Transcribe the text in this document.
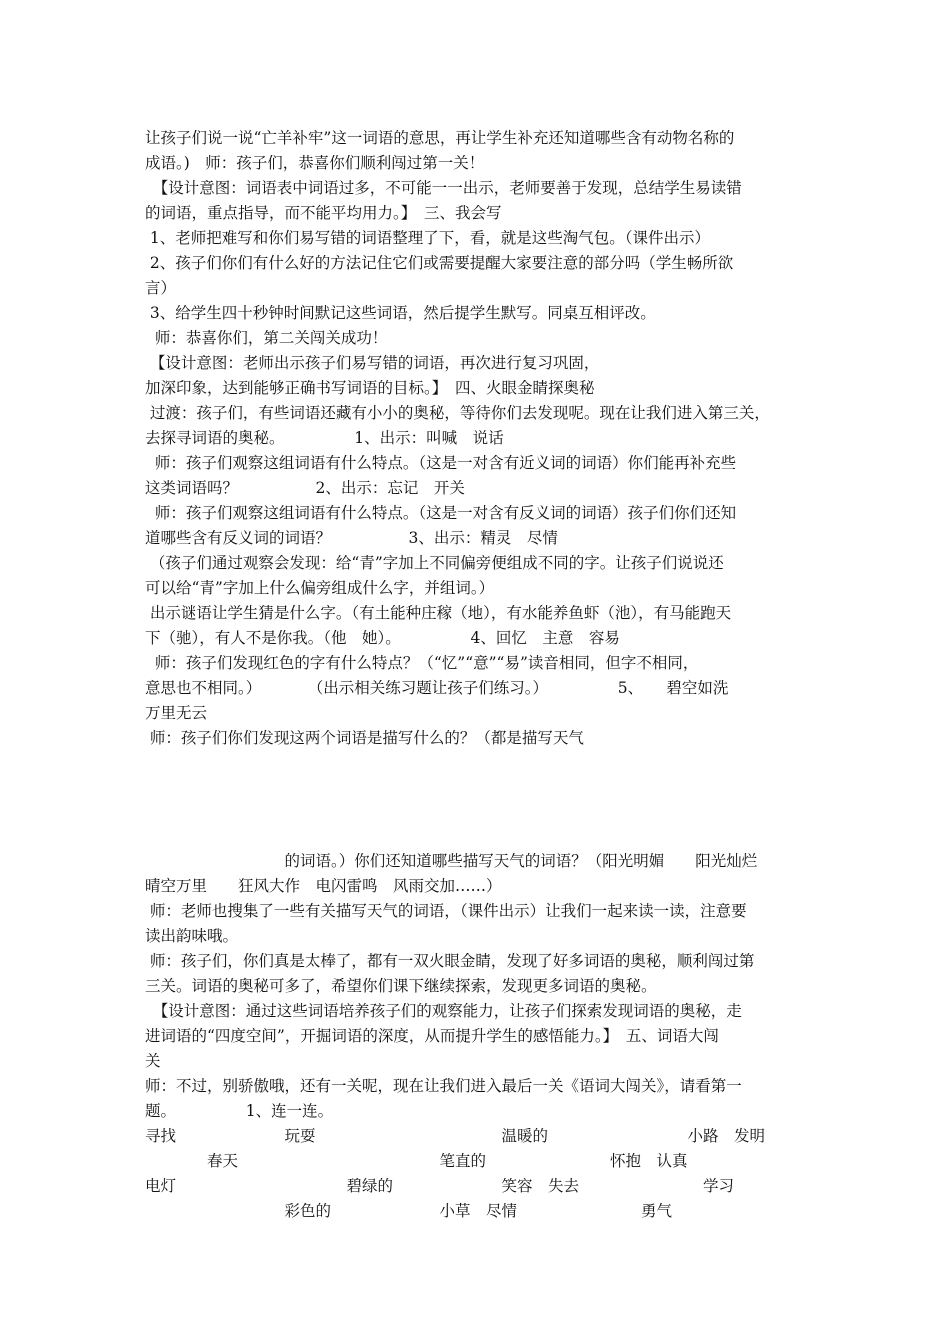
让孩子们说一说“亡羊补牢”这一词语的意思，再让学生补充还知道哪些含有动物名称的
成语。)　师：孩子们，恭喜你们顺利闯过第一关！
　【设计意图：词语表中词语过多，不可能一一出示，老师要善于发现，总结学生易读错
的词语，重点指导，而不能平均用力。】　三、我会写
1、老师把难写和你们易写错的词语整理了下，看，就是这些淘气包。（课件出示）
2、孩子们你们有什么好的方法记住它们或需要提醒大家要注意的部分吗（学生畅所欲
言）
3、给学生四十秒钟时间默记这些词语，然后提学生默写。同桌互相评改。
师：恭喜你们，第二关闯关成功！
【设计意图：老师出示孩子们易写错的词语，再次进行复习巩固，
加深印象，达到能够正确书写词语的目标。】　四、火眼金睛探奥秘
过渡：孩子们，有些词语还藏有小小的奥秘，等待你们去发现呢。现在让我们进入第三关，
去探寻词语的奥秘。　　　　　1、出示：叫喊　说话
师：孩子们观察这组词语有什么特点。（这是一对含有近义词的词语）你们能再补充些
这类词语吗？　　　　　2、出示：忘记　开关
师：孩子们观察这组词语有什么特点。（这是一对含有反义词的词语）孩子们你们还知
道哪些含有反义词的词语？　　　　　3、出示：精灵　尽情
（孩子们通过观察会发现：给“青”字加上不同偏旁便组成不同的字。让孩子们说说还
可以给“青”字加上什么偏旁组成什么字，并组词。）
出示谜语让学生猜是什么字。（有土能种庄稼（地），有水能养鱼虾（池），有马能跑天
下（驰），有人不是你我。（他　她）。　　　　　4、回忆　主意　容易
师：孩子们发现红色的字有什么特点？（“忆”“意”“易”读音相同，但字不相同，
意思也不相同。）　　　　（出示相关练习题让孩子们练习。）　　　　　5、　　碧空如洗
万里无云
师：孩子们你们发现这两个词语是描写什么的？（都是描写天气
　　　　　　　　　的词语。）你们还知道哪些描写天气的词语？（阳光明媚　　阳光灿烂
晴空万里　　狂风大作　电闪雷鸣　风雨交加……）
师：老师也搜集了一些有关描写天气的词语，（课件出示）让我们一起来读一读，注意要
读出韵味哦。
师：孩子们，你们真是太棒了，都有一双火眼金睛，发现了好多词语的奥秘，顺利闯过第
三关。词语的奥秘可多了，希望你们课下继续探索，发现更多词语的奥秘。
　【设计意图：通过这些词语培养孩子们的观察能力，让孩子们探索发现词语的奥秘，走
进词语的“四度空间”，开掘词语的深度，从而提升学生的感悟能力。】　五、词语大闯
关
师：不过，别骄傲哦，还有一关呢，现在让我们进入最后一关《语词大闯关》，请看第一
题。　　　　　1、连一连。
寻找　　　　　　　玩耍　　　　　　　　　　　　温暖的　　　　　　　　　小路　发明
　　　　春天　　　　　　　　　　　　　笔直的　　　　　　　　怀抱　认真
电灯　　　　　　　　　　　碧绿的　　　　　　　笑容　失去　　　　　　　　学习
　　　　　　　　　彩色的　　　　　　　小草　尽情　　　　　　　　勇气
